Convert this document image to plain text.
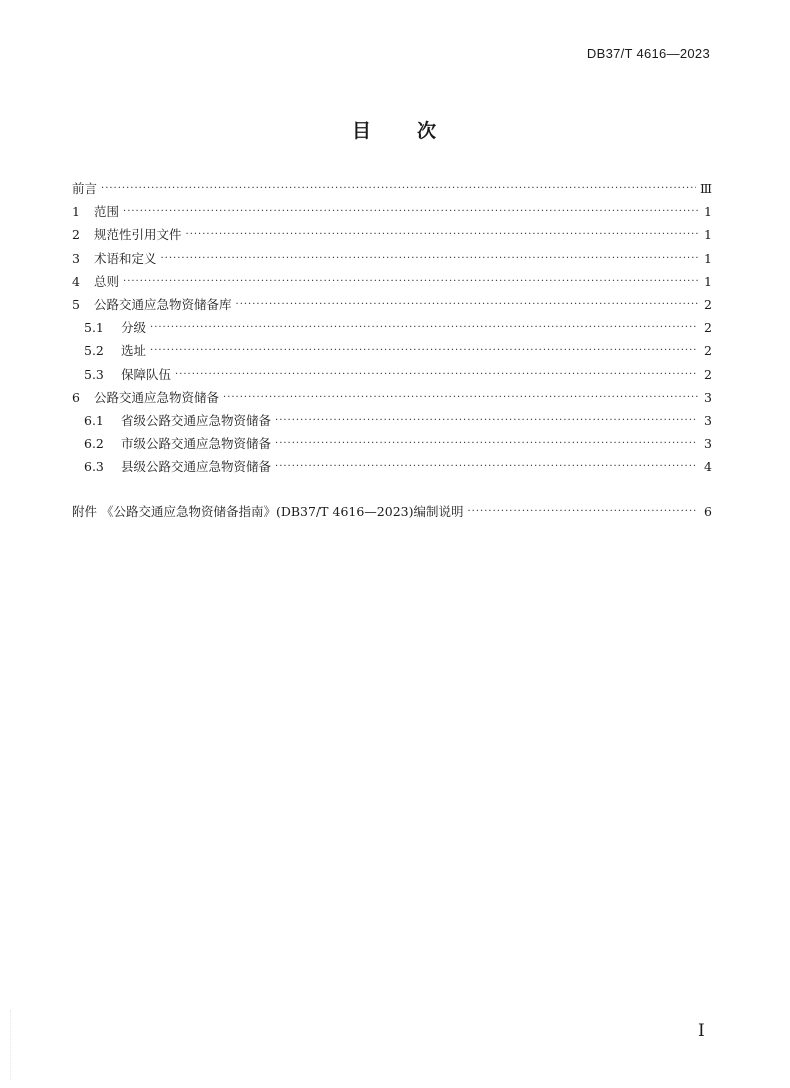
DB37/T 4616—2023
目 次
前言 ·····	Ⅲ
1	范围 ·····	1
2	规范性引用文件 ·····	1
3	术语和定义 ·····	1
4	总则 ·····	1
5	公路交通应急物资储备库 ·····	2
5.1	分级 ·····	2
5.2	选址 ·····	2
5.3	保障队伍 ·····	2
6	公路交通应急物资储备 ·····	3
6.1	省级公路交通应急物资储备 ·····	3
6.2	市级公路交通应急物资储备 ·····	3
6.3	县级公路交通应急物资储备 ·····	4
附件 《公路交通应急物资储备指南》(DB37/T 4616—2023)编制说明 ·····	6
I
